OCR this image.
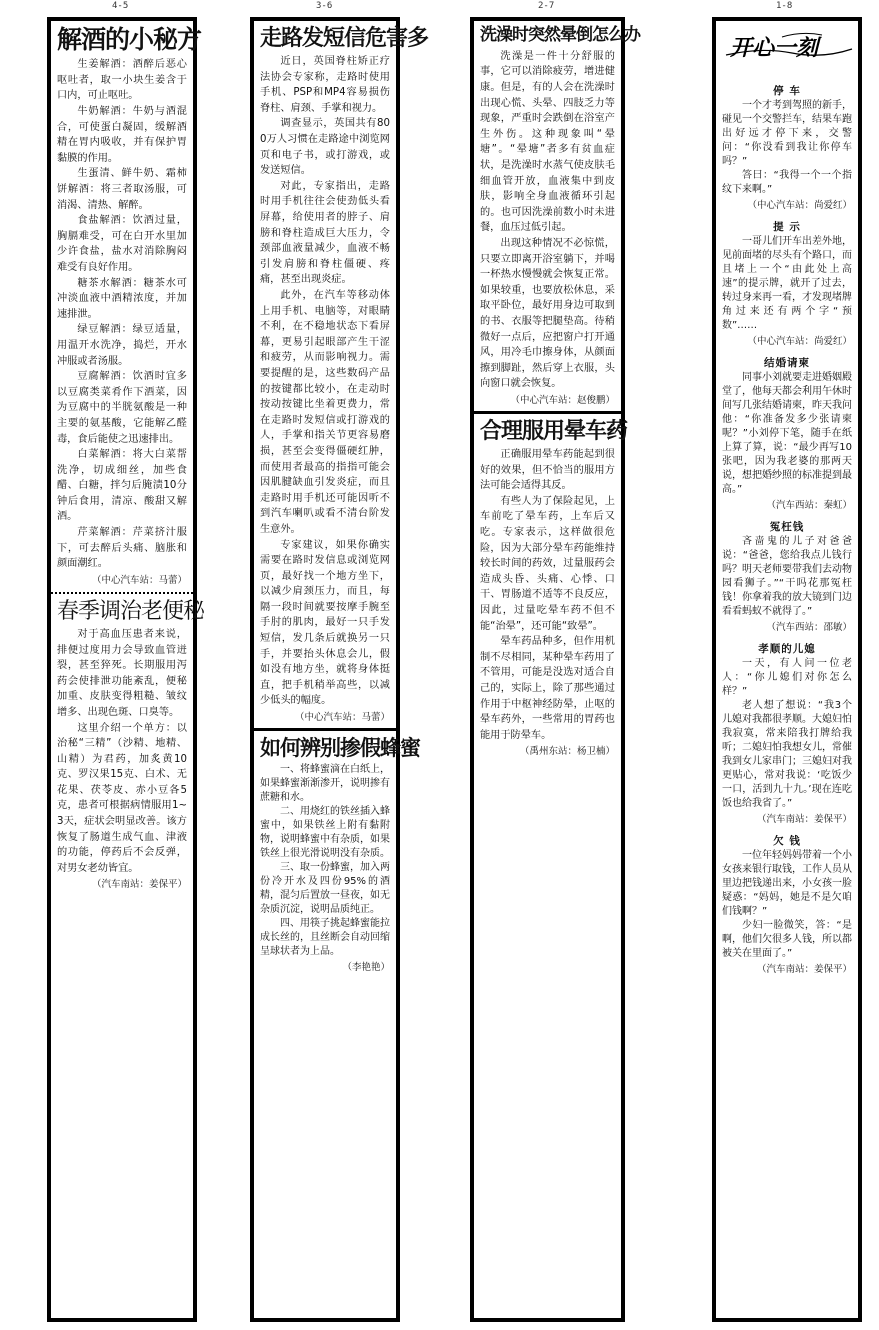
4-5	3-6	2-7	1-8
解酒的小秘方

生姜解酒：酒醉后恶心呕吐者，取一小块生姜含于口内，可止呕吐。

牛奶解酒：牛奶与酒混合，可使蛋白凝固，缓解酒精在胃内吸收，并有保护胃黏膜的作用。

生蛋清、鲜牛奶、霜柿饼解酒：将三者取汤服，可消渴、清热、解醉。

食盐解酒：饮酒过量，胸膈难受，可在白开水里加少许食盐，盐水对消除胸闷难受有良好作用。

糖茶水解酒：糖茶水可冲淡血液中酒精浓度，并加速排泄。

绿豆解酒：绿豆适量，用温开水洗净，捣烂，开水冲服或者汤服。

豆腐解酒：饮酒时宜多以豆腐类菜肴作下酒菜，因为豆腐中的半胱氨酸是一种主要的氨基酸，它能解乙醛毒，食后能使之迅速排出。

白菜解酒：将大白菜帮洗净，切成细丝，加些食醋、白糖，拌匀后腌渍10分钟后食用，清凉、酸甜又解酒。

芹菜解酒：芹菜挤汁服下，可去醉后头痛、脑胀和颜面潮红。

（中心汽车站：马蕾）
春季调治老便秘

对于高血压患者来说，排便过度用力会导致血管迸裂，甚至猝死。长期服用泻药会使排泄功能紊乱，便秘加重、皮肤变得粗糙、皱纹增多、出现色斑、口臭等。

这里介绍一个单方：以治秘“三精”（沙精、地精、山精）为君药，加炙黄10克、罗汉果15克、白术、无花果、茯苓皮、赤小豆各5克，患者可根据病情服用1~3天，症状会明显改善。该方恢复了肠道生成气血、津液的功能，停药后不会反弹，对男女老幼皆宜。

（汽车南站：姜保平）
走路发短信危害多

近日，英国脊柱矫正疗法协会专家称，走路时使用手机、PSP和MP4容易损伤脊柱、肩颈、手掌和视力。

调查显示，英国共有800万人习惯在走路途中浏览网页和电子书，或打游戏，或发送短信。

对此，专家指出，走路时用手机往往会使劲低头看屏幕，给使用者的脖子、肩膀和脊柱造成巨大压力，令颈部血液量减少，血液不畅引发肩膀和脊柱僵硬、疼痛，甚至出现炎症。

此外，在汽车等移动体上用手机、电脑等，对眼睛不利，在不稳地状态下看屏幕，更易引起眼部产生干涩和疲劳，从而影响视力。需要提醒的是，这些数码产品的按键都比较小，在走动时按动按键比坐着更费力，常在走路时发短信或打游戏的人，手掌和指关节更容易磨损，甚至会变得僵硬红肿，而使用者最高的指指可能会因肌腱缺血引发炎症，而且走路时用手机还可能因听不到汽车喇叭或看不清台阶发生意外。

专家建议，如果你确实需要在路时发信息或浏览网页，最好找一个地方坐下，以减少肩颈压力，而且，每隔一段时间就要按摩手腕至手肘的肌肉，最好一只手发短信，发几条后就换另一只手，并要抬头休息会儿，假如没有地方坐，就将身体挺直，把手机稍举高些，以减少低头的幅度。

（中心汽车站：马蕾）
如何辨别掺假蜂蜜

一、将蜂蜜滴在白纸上，如果蜂蜜渐渐渗开，说明掺有蔗糖和水。

二、用烧红的铁丝插入蜂蜜中，如果铁丝上附有黏附物，说明蜂蜜中有杂质，如果铁丝上很光滑说明没有杂质。

三、取一份蜂蜜，加入两份冷开水及四份95%的酒精，混匀后置放一昼夜，如无杂质沉淀，说明品质纯正。

四、用筷子挑起蜂蜜能拉成长丝的，且丝断会自动回缩呈球状者为上品。

（李艳艳）
洗澡时突然晕倒怎么办

洗澡是一件十分舒服的事，它可以消除疲劳，增进健康。但是，有的人会在洗澡时出现心慌、头晕、四肢乏力等现象，严重时会跌倒在浴室产生外伤。这种现象叫“晕塘”。“晕塘”者多有贫血症状，是洗澡时水蒸气使皮肤毛细血管开放，血液集中到皮肤，影响全身血液循环引起的。也可因洗澡前数小时未进餐，血压过低引起。

出现这种情况不必惊慌，只要立即离开浴室躺下，并喝一杯热水慢慢就会恢复正常。如果较重，也要放松休息，采取平卧位，最好用身边可取到的书、衣服等把腿垫高。待稍微好一点后，应把窗户打开通风，用冷毛巾擦身体，从颜面擦到脚趾，然后穿上衣服，头向窗口就会恢复。

（中心汽车站：赵俊鹏）
合理服用晕车药

正确服用晕车药能起到很好的效果，但不恰当的服用方法可能会适得其反。

有些人为了保险起见，上车前吃了晕车药，上车后又吃。专家表示，这样做很危险，因为大部分晕车药能维持较长时间的药效，过量服药会造成头昏、头痛、心悸、口干、胃肠道不适等不良反应，因此，过量吃晕车药不但不能“治晕”，还可能“致晕”。

晕车药品种多，但作用机制不尽相同，某种晕车药用了不管用，可能是没选对适合自己的，实际上，除了那些通过作用于中枢神经防晕，止呕的晕车药外，一些常用的胃药也能用于防晕车。

（禹州东站：杨卫楠）
开心一刻
停 车

一个才考到驾照的新手，碰见一个交警拦车，结果车跑出好远才停下来，交警问：“你没看到我让你停车吗？”

答曰：“我得一个一个指纹下来啊。”

（中心汽车站：尚爱红）
提 示

一哥儿们开车出差外地，见前面堵的尽头有个路口，而且堵上一个“由此处上高速”的提示牌，就开了过去，转过身来再一看，才发现堵牌角过来还有两个字“预数”……

（中心汽车站：尚爱红）
结婚请柬

同事小刘就要走进婚姻殿堂了，他每天都会利用午休时间写几张结婚请柬，昨天我问他：“你准备发多少张请柬呢？”小刘停下笔，随手在纸上算了算，说：“最少再写10张吧，因为我老婆的那两天说，想把婚纱照的标准提到最高。”

（汽车西站：秦虹）
冤枉钱

吝啬鬼的儿子对爸爸说：“爸爸，您给我点儿钱行吗？明天老师要带我们去动物园看狮子。”“干吗花那冤枉钱！你拿着我的放大镜到门边看看蚂蚁不就得了。”

（汽车西站：邵敏）
孝顺的儿媳

一天，有人问一位老人：“你儿媳们对你怎么样？”

老人想了想说：“我3个儿媳对我都很孝顺。大媳妇怕我寂寞，常来陪我打牌给我听；二媳妇怕我想女儿，常催我到女儿家串门；三媳妇对我更贴心，常对我说：‘吃饭少一口，活到九十九。’现在连吃饭也给我省了。”

（汽车南站：姜保平）
欠 钱

一位年轻妈妈带着一个小女孩来银行取钱，工作人员从里边把钱递出来，小女孩一脸疑惑：“妈妈，她是不是欠咱们钱啊？”

少妇一脸微笑，答：“是啊，他们欠很多人钱，所以都被关在里面了。”

（汽车南站：姜保平）
